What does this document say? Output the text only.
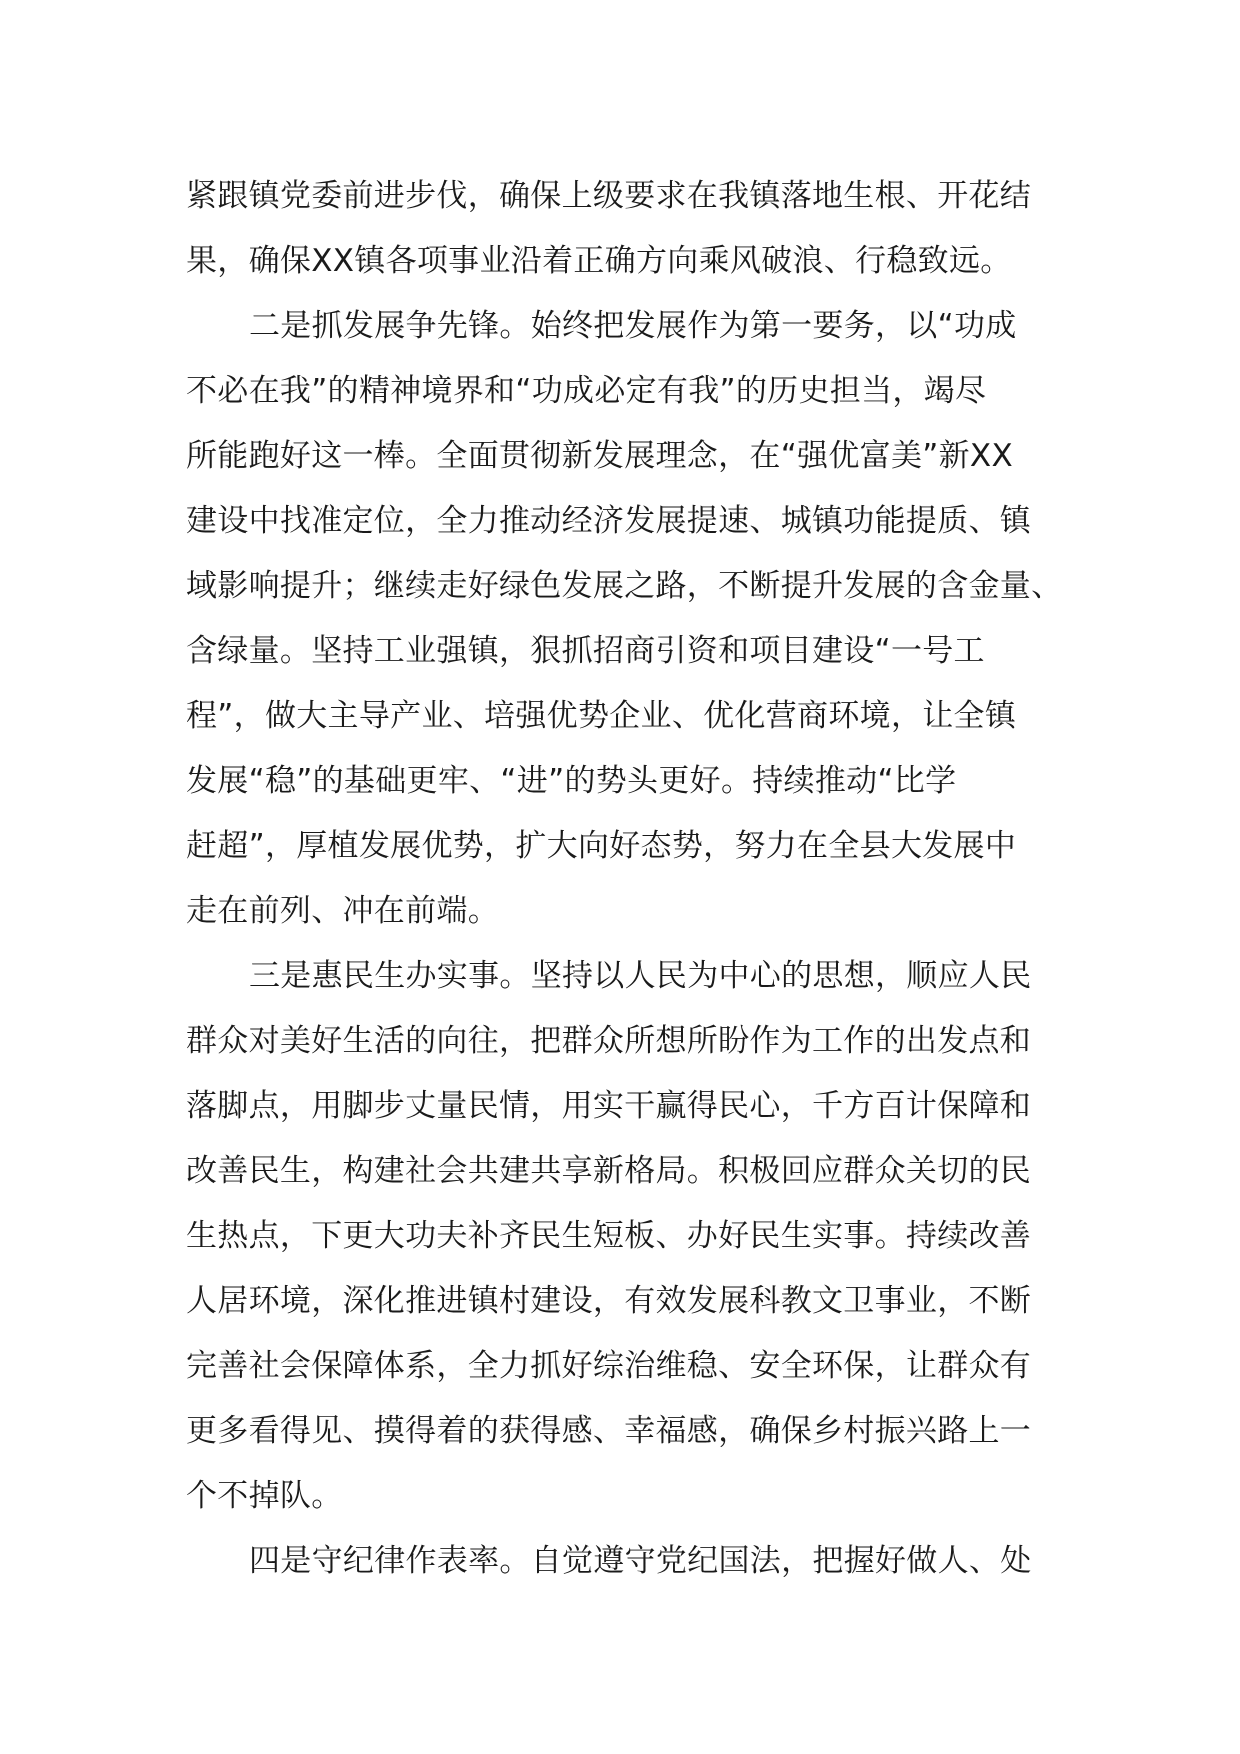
紧跟镇党委前进步伐，确保上级要求在我镇落地生根、开花结
果，确保XX镇各项事业沿着正确方向乘风破浪、行稳致远。
二是抓发展争先锋。始终把发展作为第一要务，以“功成
不必在我”的精神境界和“功成必定有我”的历史担当，竭尽
所能跑好这一棒。全面贯彻新发展理念，在“强优富美”新XX
建设中找准定位，全力推动经济发展提速、城镇功能提质、镇
域影响提升；继续走好绿色发展之路，不断提升发展的含金量、
含绿量。坚持工业强镇，狠抓招商引资和项目建设“一号工
程”，做大主导产业、培强优势企业、优化营商环境，让全镇
发展“稳”的基础更牢、“进”的势头更好。持续推动“比学
赶超”，厚植发展优势，扩大向好态势，努力在全县大发展中
走在前列、冲在前端。
三是惠民生办实事。坚持以人民为中心的思想，顺应人民
群众对美好生活的向往，把群众所想所盼作为工作的出发点和
落脚点，用脚步丈量民情，用实干赢得民心，千方百计保障和
改善民生，构建社会共建共享新格局。积极回应群众关切的民
生热点，下更大功夫补齐民生短板、办好民生实事。持续改善
人居环境，深化推进镇村建设，有效发展科教文卫事业，不断
完善社会保障体系，全力抓好综治维稳、安全环保，让群众有
更多看得见、摸得着的获得感、幸福感，确保乡村振兴路上一
个不掉队。
四是守纪律作表率。自觉遵守党纪国法，把握好做人、处
